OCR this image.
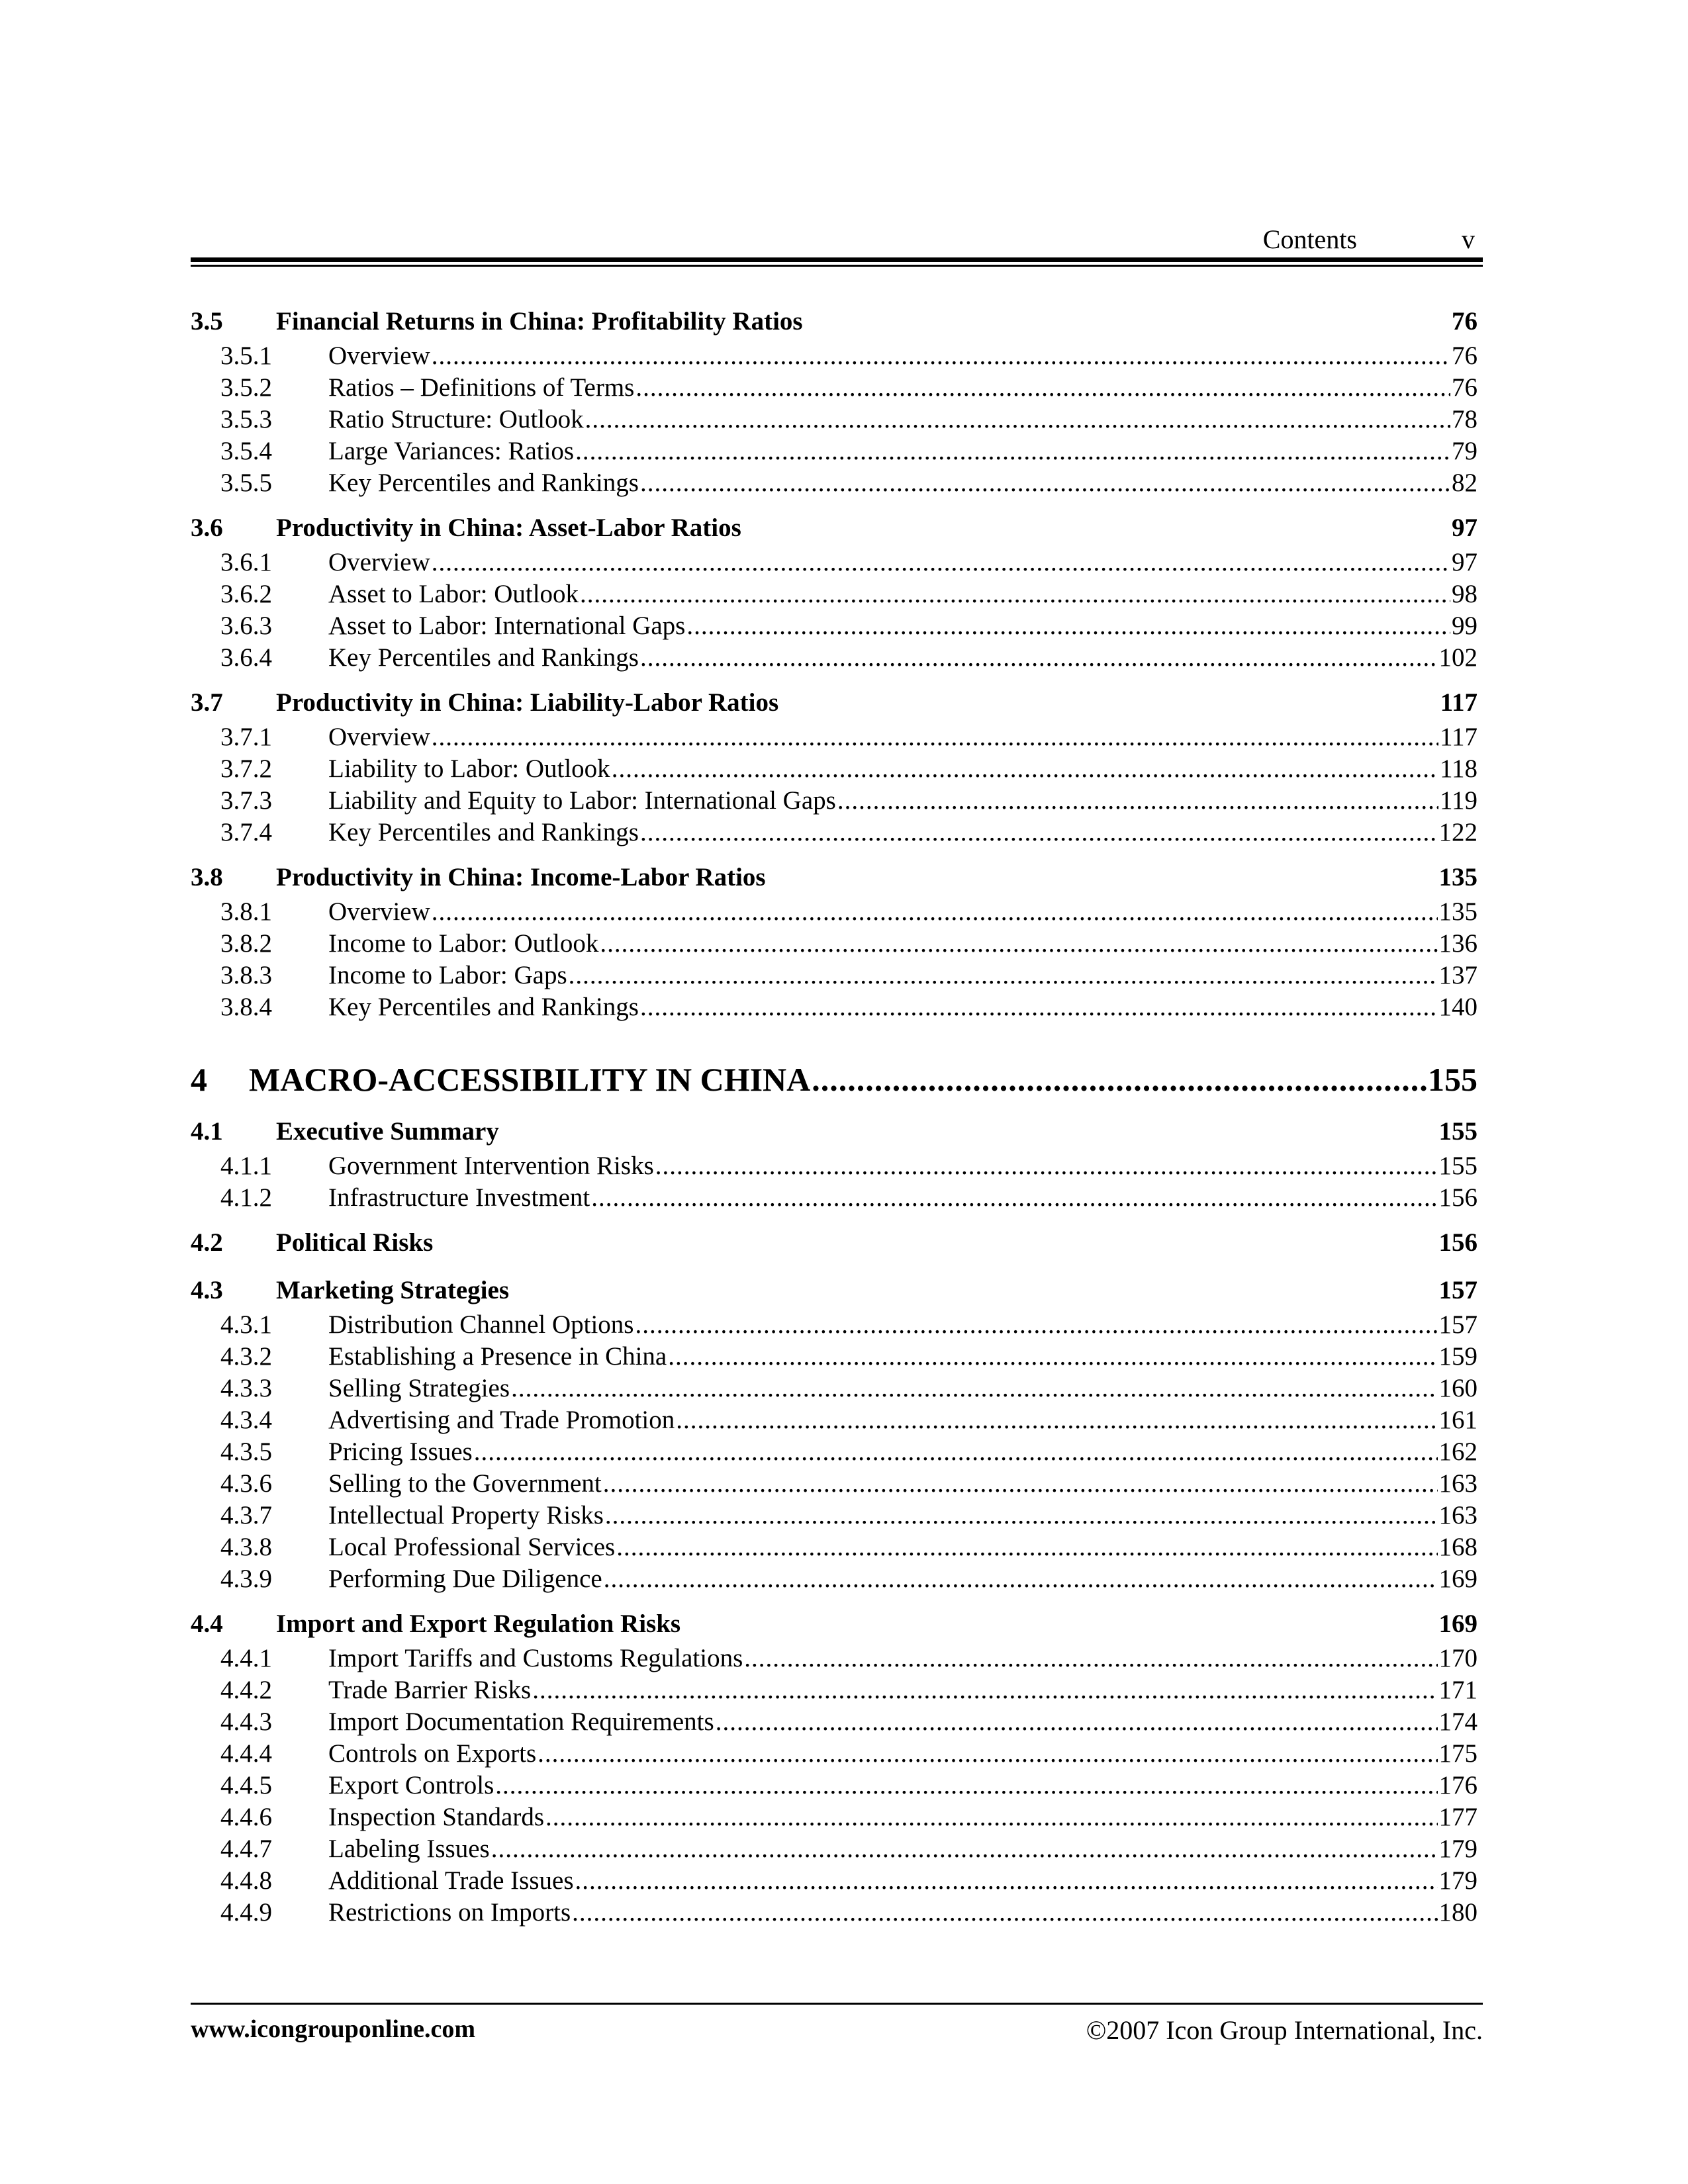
Contents	v
3.5	Financial Returns in China: Profitability Ratios	76
3.5.1	Overview .....	76
3.5.2	Ratios – Definitions of Terms .....	76
3.5.3	Ratio Structure: Outlook .....	78
3.5.4	Large Variances: Ratios .....	79
3.5.5	Key Percentiles and Rankings .....	82
3.6	Productivity in China: Asset-Labor Ratios	97
3.6.1	Overview .....	97
3.6.2	Asset to Labor: Outlook .....	98
3.6.3	Asset to Labor: International Gaps .....	99
3.6.4	Key Percentiles and Rankings .....	102
3.7	Productivity in China: Liability-Labor Ratios	117
3.7.1	Overview .....	117
3.7.2	Liability to Labor: Outlook .....	118
3.7.3	Liability and Equity to Labor: International Gaps .....	119
3.7.4	Key Percentiles and Rankings .....	122
3.8	Productivity in China: Income-Labor Ratios	135
3.8.1	Overview .....	135
3.8.2	Income to Labor: Outlook .....	136
3.8.3	Income to Labor: Gaps .....	137
3.8.4	Key Percentiles and Rankings .....	140
4	MACRO-ACCESSIBILITY IN CHINA .....	155
4.1	Executive Summary	155
4.1.1	Government Intervention Risks .....	155
4.1.2	Infrastructure Investment .....	156
4.2	Political Risks	156
4.3	Marketing Strategies	157
4.3.1	Distribution Channel Options .....	157
4.3.2	Establishing a Presence in China .....	159
4.3.3	Selling Strategies .....	160
4.3.4	Advertising and Trade Promotion .....	161
4.3.5	Pricing Issues .....	162
4.3.6	Selling to the Government .....	163
4.3.7	Intellectual Property Risks .....	163
4.3.8	Local Professional Services .....	168
4.3.9	Performing Due Diligence .....	169
4.4	Import and Export Regulation Risks	169
4.4.1	Import Tariffs and Customs Regulations .....	170
4.4.2	Trade Barrier Risks .....	171
4.4.3	Import Documentation Requirements .....	174
4.4.4	Controls on Exports .....	175
4.4.5	Export Controls .....	176
4.4.6	Inspection Standards .....	177
4.4.7	Labeling Issues .....	179
4.4.8	Additional Trade Issues .....	179
4.4.9	Restrictions on Imports .....	180
www.icongrouponline.com	©2007 Icon Group International, Inc.
